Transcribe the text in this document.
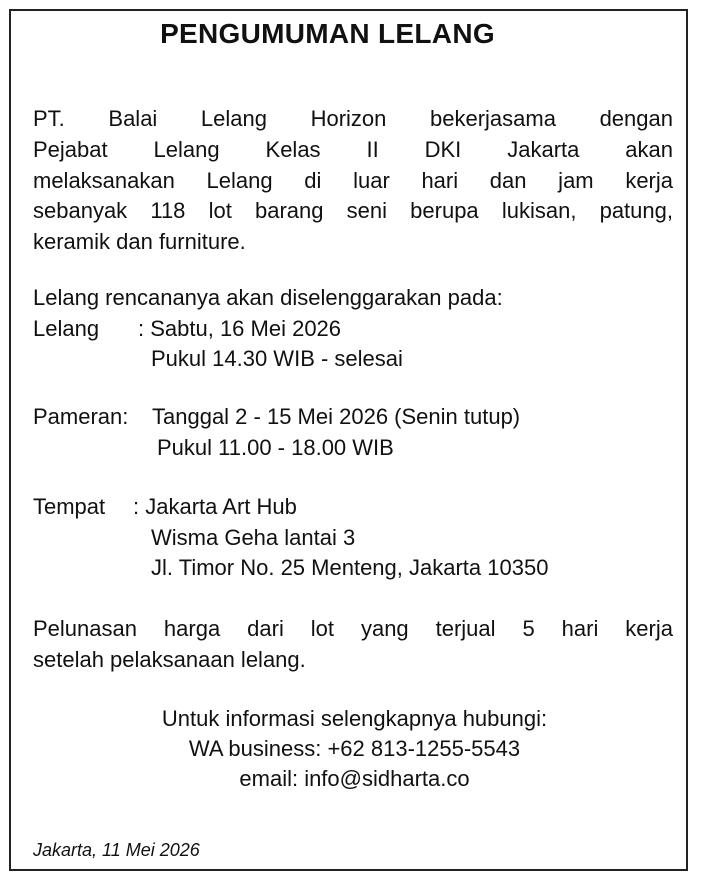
PENGUMUMAN LELANG
PT. Balai Lelang Horizon bekerjasama dengan
Pejabat Lelang Kelas II DKI Jakarta akan
melaksanakan Lelang di luar hari dan jam kerja
sebanyak 118 lot barang seni berupa lukisan, patung,
keramik dan furniture.
Lelang rencananya akan diselenggarakan pada:
Lelang : Sabtu, 16 Mei 2026
Pukul 14.30 WIB - selesai
Pameran: Tanggal 2 - 15 Mei 2026 (Senin tutup)
Pukul 11.00 - 18.00 WIB
Tempat : Jakarta Art Hub
Wisma Geha lantai 3
Jl. Timor No. 25 Menteng, Jakarta 10350
Pelunasan harga dari lot yang terjual 5 hari kerja
setelah pelaksanaan lelang.
Untuk informasi selengkapnya hubungi:
WA business: +62 813-1255-5543
email: info@sidharta.co
Jakarta, 11 Mei 2026
